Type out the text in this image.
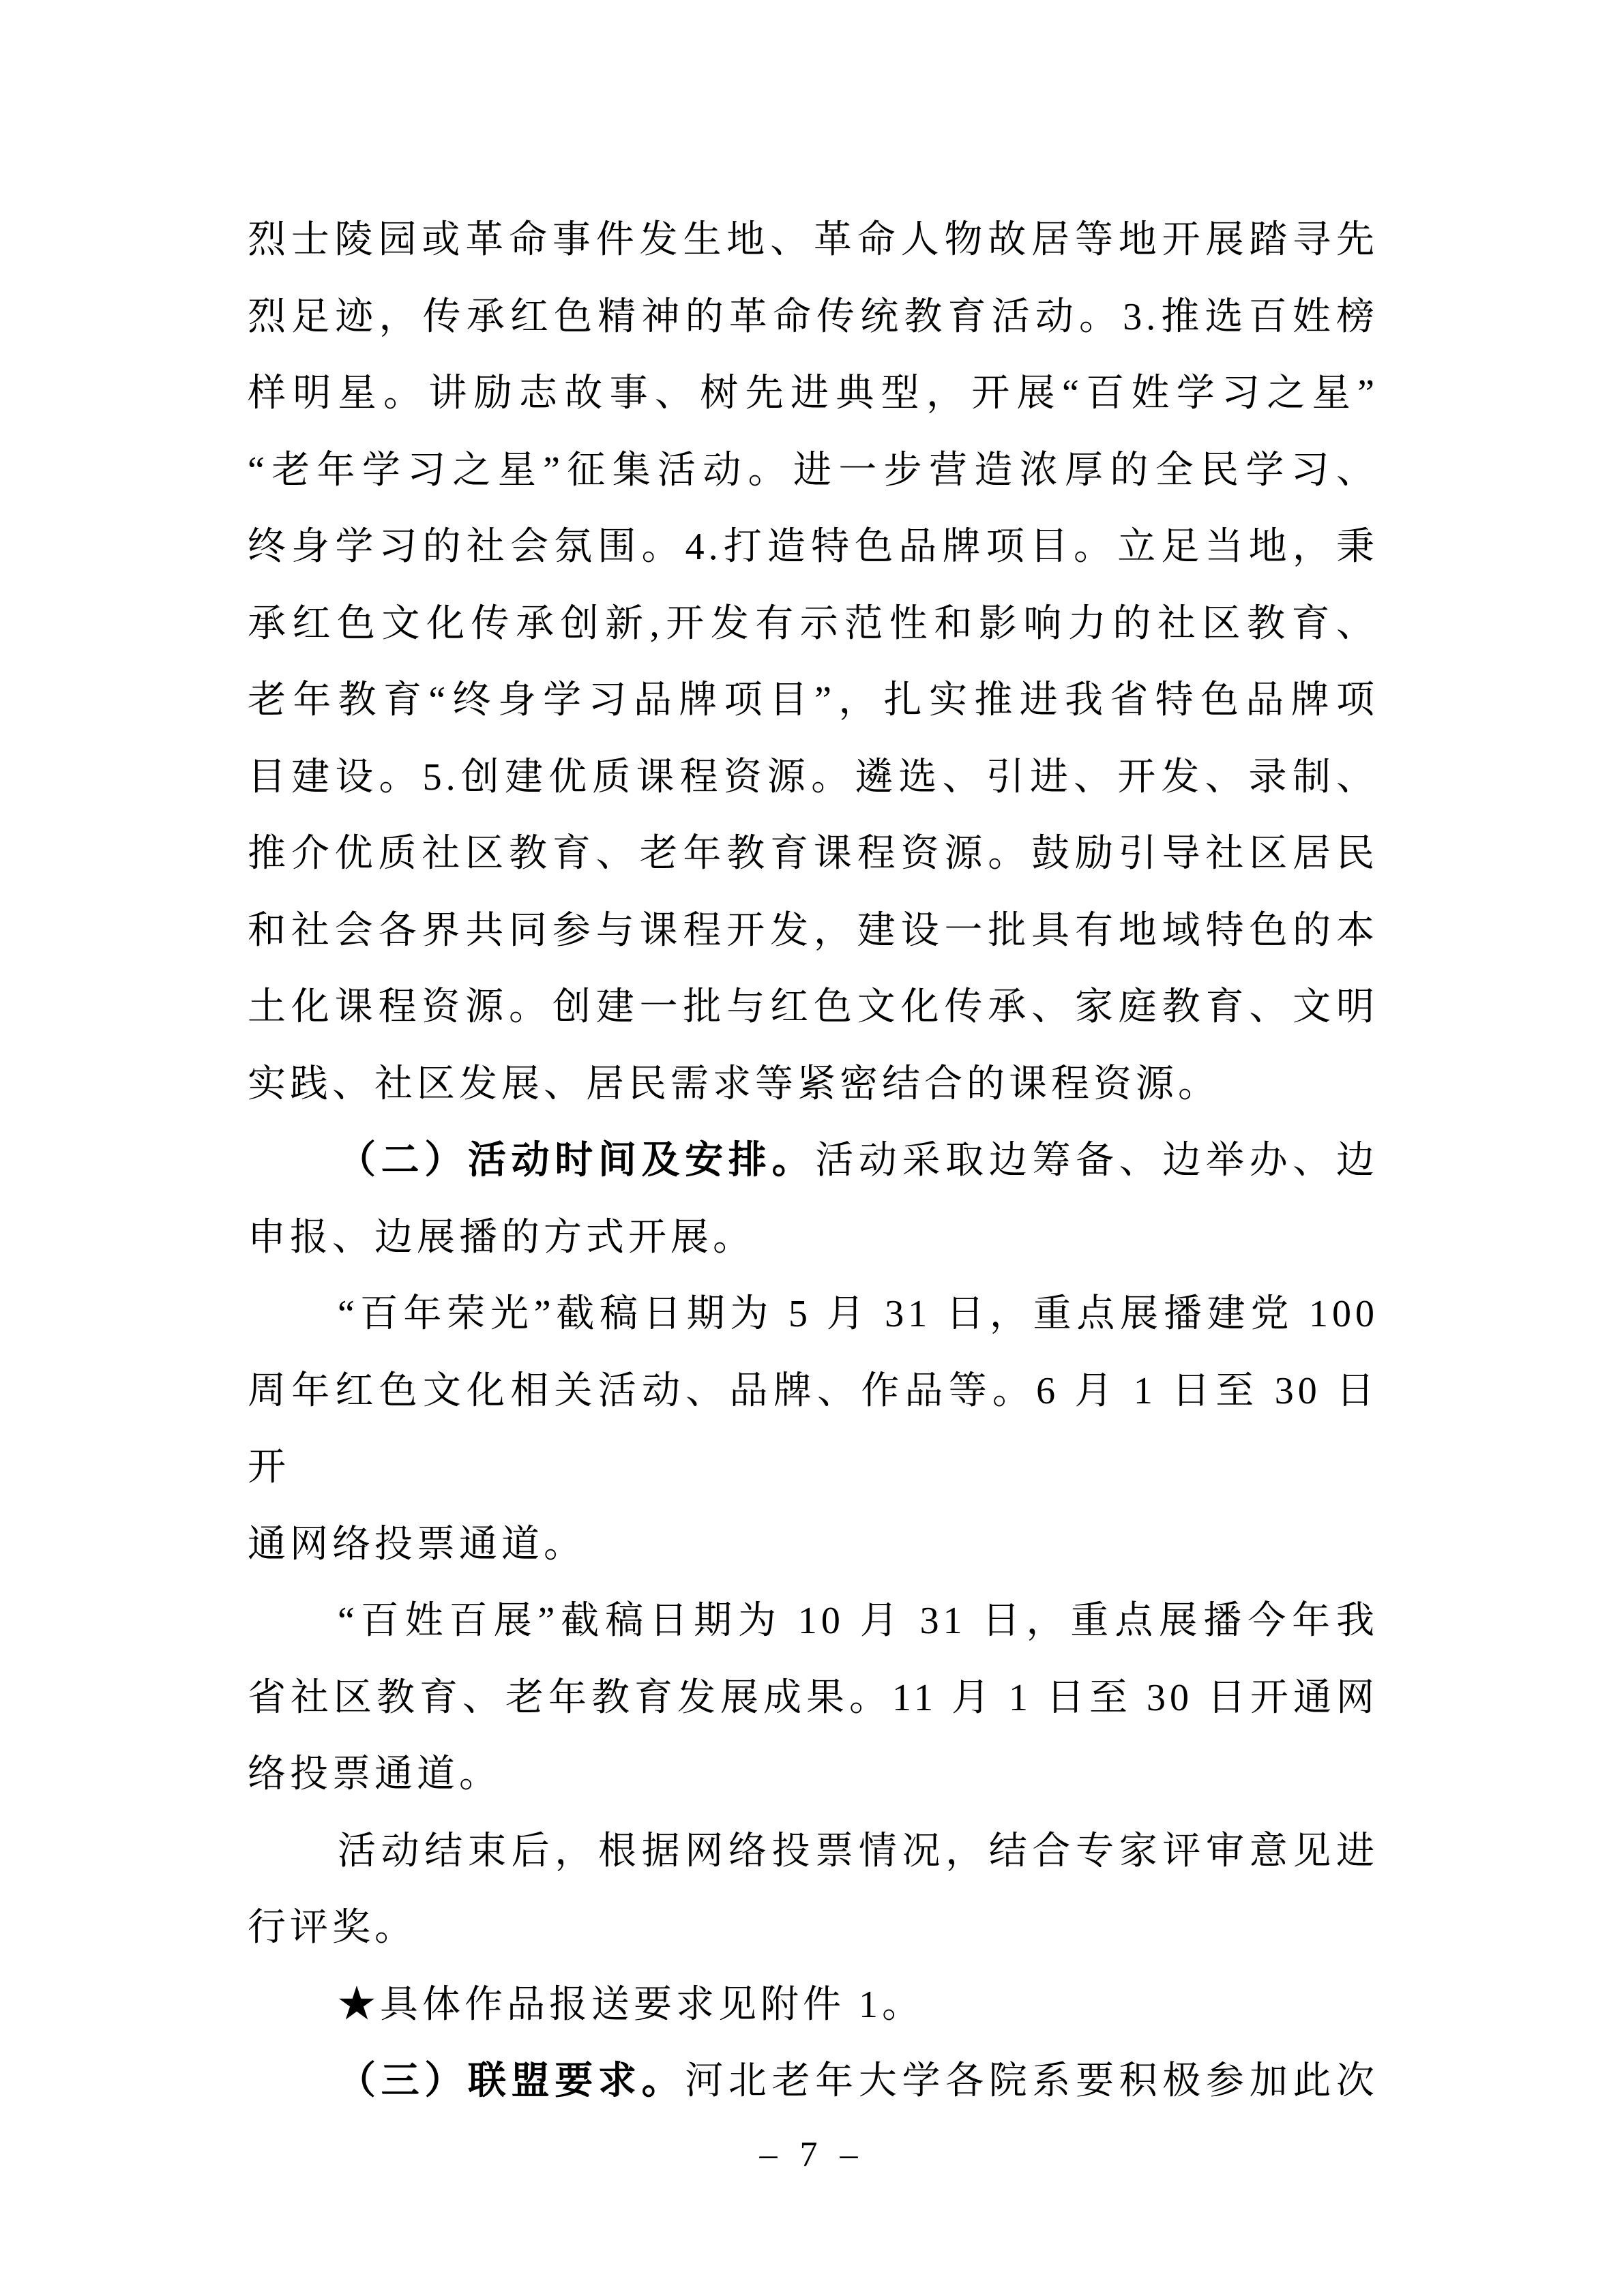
烈士陵园或革命事件发生地、革命人物故居等地开展踏寻先
烈足迹，传承红色精神的革命传统教育活动。3.推选百姓榜
样明星。讲励志故事、树先进典型，开展“百姓学习之星”
“老年学习之星”征集活动。进一步营造浓厚的全民学习、
终身学习的社会氛围。4.打造特色品牌项目。立足当地，秉
承红色文化传承创新,开发有示范性和影响力的社区教育、
老年教育“终身学习品牌项目”，扎实推进我省特色品牌项
目建设。5.创建优质课程资源。遴选、引进、开发、录制、
推介优质社区教育、老年教育课程资源。鼓励引导社区居民
和社会各界共同参与课程开发，建设一批具有地域特色的本
土化课程资源。创建一批与红色文化传承、家庭教育、文明
实践、社区发展、居民需求等紧密结合的课程资源。
（二）活动时间及安排。活动采取边筹备、边举办、边
申报、边展播的方式开展。
“百年荣光”截稿日期为 5 月 31 日，重点展播建党 100
周年红色文化相关活动、品牌、作品等。6 月 1 日至 30 日开
通网络投票通道。
“百姓百展”截稿日期为 10 月 31 日，重点展播今年我
省社区教育、老年教育发展成果。11 月 1 日至 30 日开通网
络投票通道。
活动结束后，根据网络投票情况，结合专家评审意见进
行评奖。
★具体作品报送要求见附件 1。
（三）联盟要求。河北老年大学各院系要积极参加此次
– 7 –
